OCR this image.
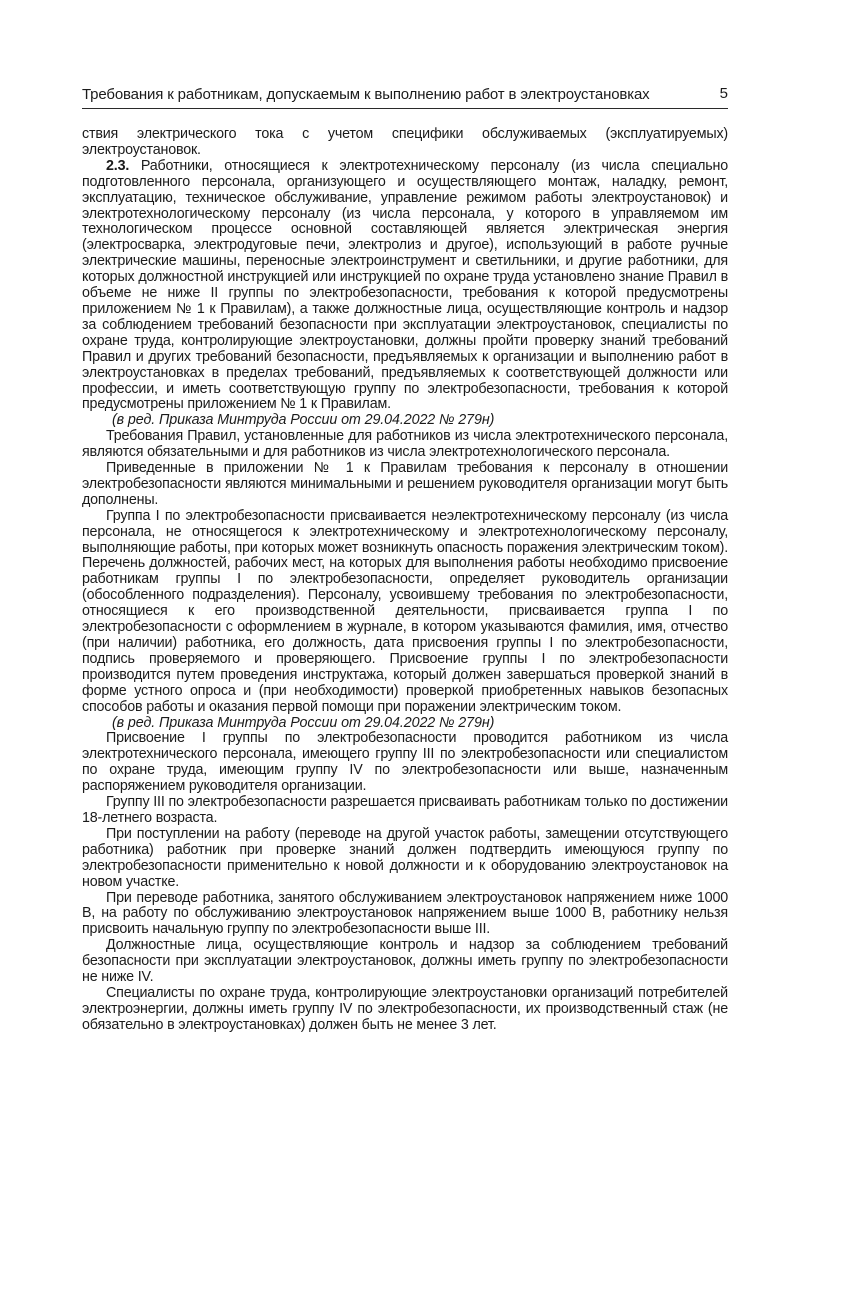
Требования к работникам, допускаемым к выполнению работ в электроустановках	5

ствия электрического тока с учетом специфики обслуживаемых (эксплуатируемых) электроустановок.

2.3. Работники, относящиеся к электротехническому персоналу (из числа специально подготовленного персонала, организующего и осуществляющего монтаж, наладку, ремонт, эксплуатацию, техническое обслуживание, управление режимом работы электроустановок) и электротехнологическому персоналу (из числа персонала, у которого в управляемом им технологическом процессе основной составляющей является электрическая энергия (электросварка, электродуговые печи, электролиз и другое), использующий в работе ручные электрические машины, переносные электроинструмент и светильники, и другие работники, для которых должностной инструкцией или инструкцией по охране труда установлено знание Правил в объеме не ниже II группы по электробезопасности, требования к которой предусмотрены приложением № 1 к Правилам), а также должностные лица, осуществляющие контроль и надзор за соблюдением требований безопасности при эксплуатации электроустановок, специалисты по охране труда, контролирующие электроустановки, должны пройти проверку знаний требований Правил и других требований безопасности, предъявляемых к организации и выполнению работ в электроустановках в пределах требований, предъявляемых к соответствующей должности или профессии, и иметь соответствующую группу по электробезопасности, требования к которой предусмотрены приложением № 1 к Правилам.

(в ред. Приказа Минтруда России от 29.04.2022 № 279н)

Требования Правил, установленные для работников из числа электротехнического персонала, являются обязательными и для работников из числа электротехнологического персонала.

Приведенные в приложении № 1 к Правилам требования к персоналу в отношении электробезопасности являются минимальными и решением руководителя организации могут быть дополнены.

Группа I по электробезопасности присваивается неэлектротехническому персоналу (из числа персонала, не относящегося к электротехническому и электротехнологическому персоналу, выполняющие работы, при которых может возникнуть опасность поражения электрическим током). Перечень должностей, рабочих мест, на которых для выполнения работы необходимо присвоение работникам группы I по электробезопасности, определяет руководитель организации (обособленного подразделения). Персоналу, усвоившему требования по электробезопасности, относящиеся к его производственной деятельности, присваивается группа I по электробезопасности с оформлением в журнале, в котором указываются фамилия, имя, отчество (при наличии) работника, его должность, дата присвоения группы I по электробезопасности, подпись проверяемого и проверяющего. Присвоение группы I по электробезопасности производится путем проведения инструктажа, который должен завершаться проверкой знаний в форме устного опроса и (при необходимости) проверкой приобретенных навыков безопасных способов работы и оказания первой помощи при поражении электрическим током.

(в ред. Приказа Минтруда России от 29.04.2022 № 279н)

Присвоение I группы по электробезопасности проводится работником из числа электротехнического персонала, имеющего группу III по электробезопасности или специалистом по охране труда, имеющим группу IV по электробезопасности или выше, назначенным распоряжением руководителя организации.

Группу III по электробезопасности разрешается присваивать работникам только по достижении 18-летнего возраста.

При поступлении на работу (переводе на другой участок работы, замещении отсутствующего работника) работник при проверке знаний должен подтвердить имеющуюся группу по электробезопасности применительно к новой должности и к оборудованию электроустановок на новом участке.

При переводе работника, занятого обслуживанием электроустановок напряжением ниже 1000 В, на работу по обслуживанию электроустановок напряжением выше 1000 В, работнику нельзя присвоить начальную группу по электробезопасности выше III.

Должностные лица, осуществляющие контроль и надзор за соблюдением требований безопасности при эксплуатации электроустановок, должны иметь группу по электробезопасности не ниже IV.

Специалисты по охране труда, контролирующие электроустановки организаций потребителей электроэнергии, должны иметь группу IV по электробезопасности, их производственный стаж (не обязательно в электроустановках) должен быть не менее 3 лет.
